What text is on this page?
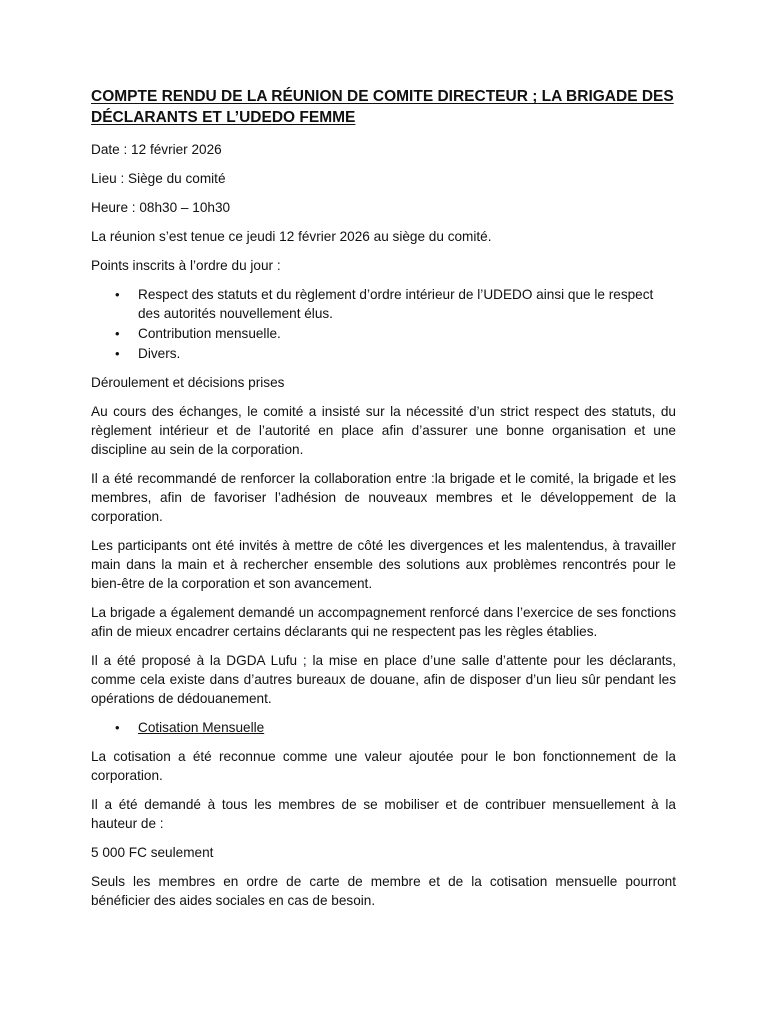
COMPTE RENDU DE LA RÉUNION DE COMITE DIRECTEUR ; LA BRIGADE DES DÉCLARANTS ET L’UDEDO FEMME

Date : 12 février 2026

Lieu : Siège du comité

Heure : 08h30 – 10h30

La réunion s’est tenue ce jeudi 12 février 2026 au siège du comité.

Points inscrits à l’ordre du jour :

• Respect des statuts et du règlement d’ordre intérieur de l’UDEDO ainsi que le respect des autorités nouvellement élus.
• Contribution mensuelle.
• Divers.

Déroulement et décisions prises

Au cours des échanges, le comité a insisté sur la nécessité d’un strict respect des statuts, du règlement intérieur et de l’autorité en place afin d’assurer une bonne organisation et une discipline au sein de la corporation.

Il a été recommandé de renforcer la collaboration entre :la brigade et le comité, la brigade et les membres, afin de favoriser l’adhésion de nouveaux membres et le développement de la corporation.

Les participants ont été invités à mettre de côté les divergences et les malentendus, à travailler main dans la main et à rechercher ensemble des solutions aux problèmes rencontrés pour le bien-être de la corporation et son avancement.

La brigade a également demandé un accompagnement renforcé dans l’exercice de ses fonctions afin de mieux encadrer certains déclarants qui ne respectent pas les règles établies.

Il a été proposé à la DGDA Lufu ; la mise en place d’une salle d’attente pour les déclarants, comme cela existe dans d’autres bureaux de douane, afin de disposer d’un lieu sûr pendant les opérations de dédouanement.

• Cotisation Mensuelle

La cotisation a été reconnue comme une valeur ajoutée pour le bon fonctionnement de la corporation.

Il a été demandé à tous les membres de se mobiliser et de contribuer mensuellement à la hauteur de :

5 000 FC seulement

Seuls les membres en ordre de carte de membre et de la cotisation mensuelle pourront bénéficier des aides sociales en cas de besoin.
